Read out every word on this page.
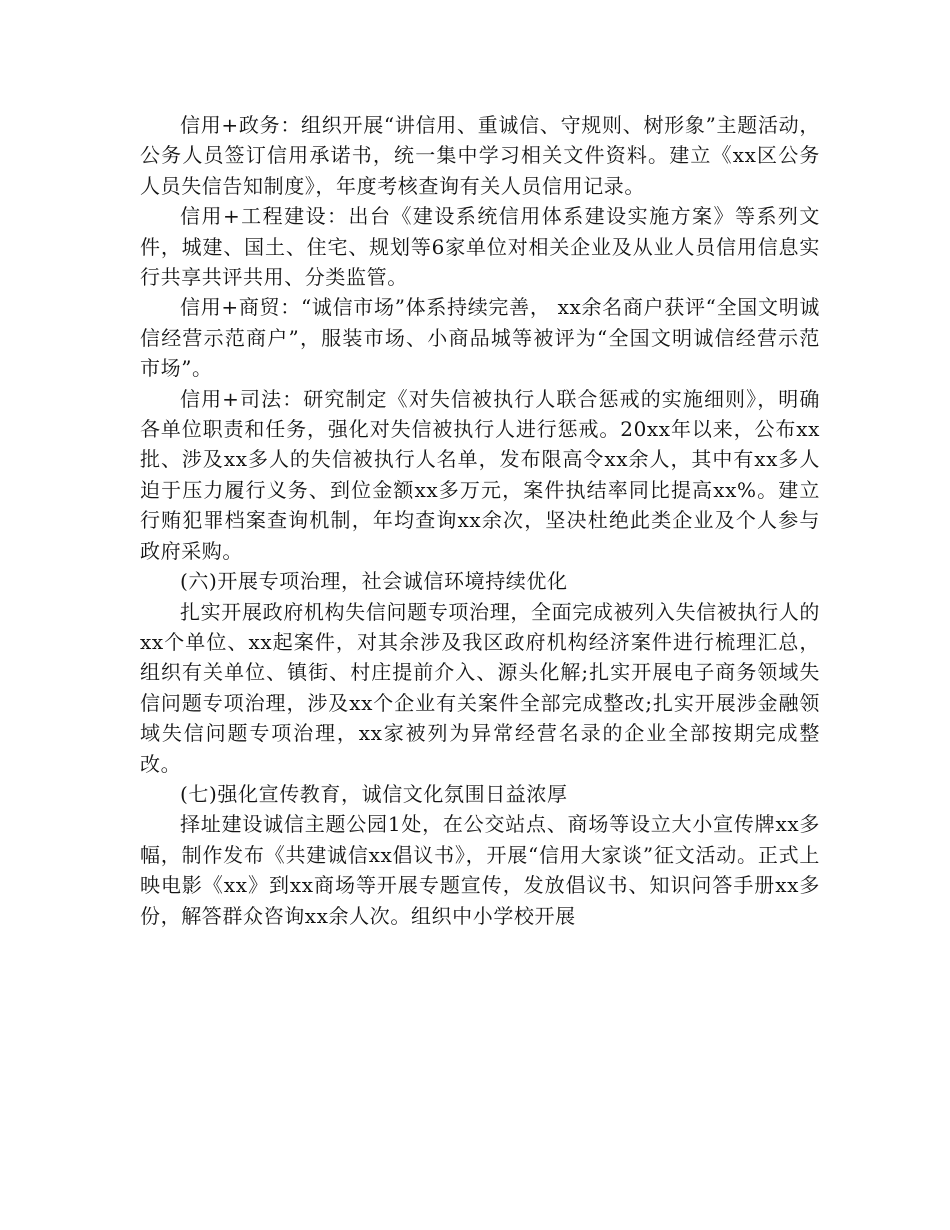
信用+政务：组织开展“讲信用、重诚信、守规则、树形象”主题活动，公务人员签订信用承诺书，统一集中学习相关文件资料。建立《xx区公务人员失信告知制度》，年度考核查询有关人员信用记录。

信用+工程建设：出台《建设系统信用体系建设实施方案》等系列文件，城建、国土、住宅、规划等6家单位对相关企业及从业人员信用信息实行共享共评共用、分类监管。

信用+商贸：“诚信市场”体系持续完善， xx余名商户获评“全国文明诚信经营示范商户”，服装市场、小商品城等被评为“全国文明诚信经营示范市场”。

信用+司法：研究制定《对失信被执行人联合惩戒的实施细则》，明确各单位职责和任务，强化对失信被执行人进行惩戒。20xx年以来，公布xx批、涉及xx多人的失信被执行人名单，发布限高令xx余人，其中有xx多人迫于压力履行义务、到位金额xx多万元，案件执结率同比提高xx%。建立行贿犯罪档案查询机制，年均查询xx余次，坚决杜绝此类企业及个人参与政府采购。

(六)开展专项治理，社会诚信环境持续优化

扎实开展政府机构失信问题专项治理，全面完成被列入失信被执行人的xx个单位、xx起案件，对其余涉及我区政府机构经济案件进行梳理汇总，组织有关单位、镇街、村庄提前介入、源头化解;扎实开展电子商务领域失信问题专项治理，涉及xx个企业有关案件全部完成整改;扎实开展涉金融领域失信问题专项治理，xx家被列为异常经营名录的企业全部按期完成整改。

(七)强化宣传教育，诚信文化氛围日益浓厚

择址建设诚信主题公园1处，在公交站点、商场等设立大小宣传牌xx多幅，制作发布《共建诚信xx倡议书》，开展“信用大家谈”征文活动。正式上映电影《xx》到xx商场等开展专题宣传，发放倡议书、知识问答手册xx多份，解答群众咨询xx余人次。组织中小学校开展
